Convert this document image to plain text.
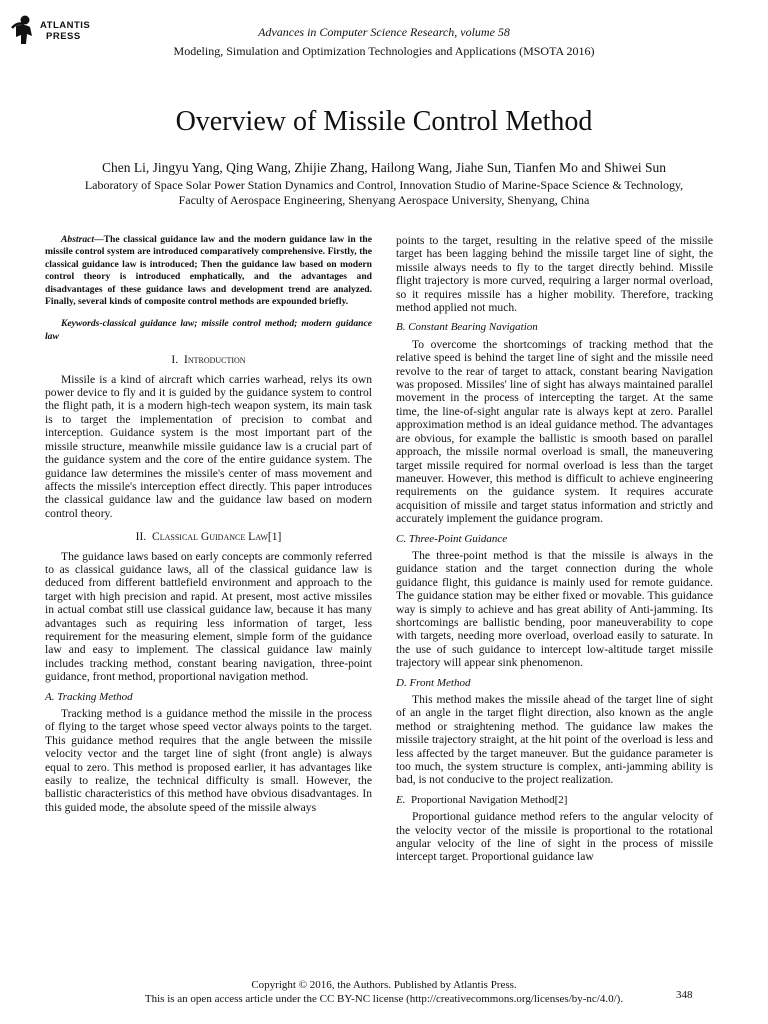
ATLANTIS
PRESS	Advances in Computer Science Research, volume 58
Modeling, Simulation and Optimization Technologies and Applications (MSOTA 2016)
Overview of Missile Control Method
Chen Li, Jingyu Yang, Qing Wang, Zhijie Zhang, Hailong Wang, Jiahe Sun, Tianfen Mo and Shiwei Sun
Laboratory of Space Solar Power Station Dynamics and Control, Innovation Studio of Marine-Space Science & Technology,
Faculty of Aerospace Engineering, Shenyang Aerospace University, Shenyang, China

Abstract—The classical guidance law and the modern guidance law in the missile control system are introduced comparatively comprehensive. Firstly, the classical guidance law is introduced; Then the guidance law based on modern control theory is introduced emphatically, and the advantages and disadvantages of these guidance laws and development trend are analyzed. Finally, several kinds of composite control methods are expounded briefly.

Keywords-classical guidance law; missile control method; modern guidance law

I. Introduction

Missile is a kind of aircraft which carries warhead, relys its own power device to fly and it is guided by the guidance system to control the flight path, it is a modern high-tech weapon system, its main task is to target the implementation of precision to combat and interception. Guidance system is the most important part of the missile structure, meanwhile missile guidance law is a crucial part of the guidance system and the core of the entire guidance system. The guidance law determines the missile's center of mass movement and affects the missile's interception effect directly. This paper introduces the classical guidance law and the guidance law based on modern control theory.

II. Classical Guidance Law[1]

The guidance laws based on early concepts are commonly referred to as classical guidance laws, all of the classical guidance law is deduced from different battlefield environment and approach to the target with high precision and rapid. At present, most active missiles in actual combat still use classical guidance law, because it has many advantages such as requiring less information of target, less requirement for the measuring element, simple form of the guidance law and easy to implement. The classical guidance law mainly includes tracking method, constant bearing navigation, three-point guidance, front method, proportional navigation method.

A. Tracking Method

Tracking method is a guidance method the missile in the process of flying to the target whose speed vector always points to the target. This guidance method requires that the angle between the missile velocity vector and the target line of sight (front angle) is always equal to zero. This method is proposed earlier, it has advantages like easily to realize, the technical difficulty is small. However, the ballistic characteristics of this method have obvious disadvantages. In this guided mode, the absolute speed of the missile always

points to the target, resulting in the relative speed of the missile target has been lagging behind the missile target line of sight, the missile always needs to fly to the target directly behind. Missile flight trajectory is more curved, requiring a larger normal overload, so it requires missile has a higher mobility. Therefore, tracking method applied not much.

B. Constant Bearing Navigation

To overcome the shortcomings of tracking method that the relative speed is behind the target line of sight and the missile need revolve to the rear of target to attack, constant bearing Navigation was proposed. Missiles' line of sight has always maintained parallel movement in the process of intercepting the target. At the same time, the line-of-sight angular rate is always kept at zero. Parallel approximation method is an ideal guidance method. The advantages are obvious, for example the ballistic is smooth based on parallel approach, the missile normal overload is small, the maneuvering target missile required for normal overload is less than the target maneuver. However, this method is difficult to achieve engineering requirements on the guidance system. It requires accurate acquisition of missile and target status information and strictly and accurately implement the guidance program.

C. Three-Point Guidance

The three-point method is that the missile is always in the guidance station and the target connection during the whole guidance flight, this guidance is mainly used for remote guidance. The guidance station may be either fixed or movable. This guidance way is simply to achieve and has great ability of Anti-jamming. Its shortcomings are ballistic bending, poor maneuverability to cope with targets, needing more overload, overload easily to saturate. In the use of such guidance to intercept low-altitude target missile trajectory will appear sink phenomenon.

D. Front Method

This method makes the missile ahead of the target line of sight of an angle in the target flight direction, also known as the angle method or straightening method. The guidance law makes the missile trajectory straight, at the hit point of the overload is less and less affected by the target maneuver. But the guidance parameter is too much, the system structure is complex, anti-jamming ability is bad, is not conducive to the project realization.

E. Proportional Navigation Method[2]

Proportional guidance method refers to the angular velocity of the velocity vector of the missile is proportional to the rotational angular velocity of the line of sight in the process of missile intercept target. Proportional guidance law

Copyright © 2016, the Authors. Published by Atlantis Press.
This is an open access article under the CC BY-NC license (http://creativecommons.org/licenses/by-nc/4.0/).	348
